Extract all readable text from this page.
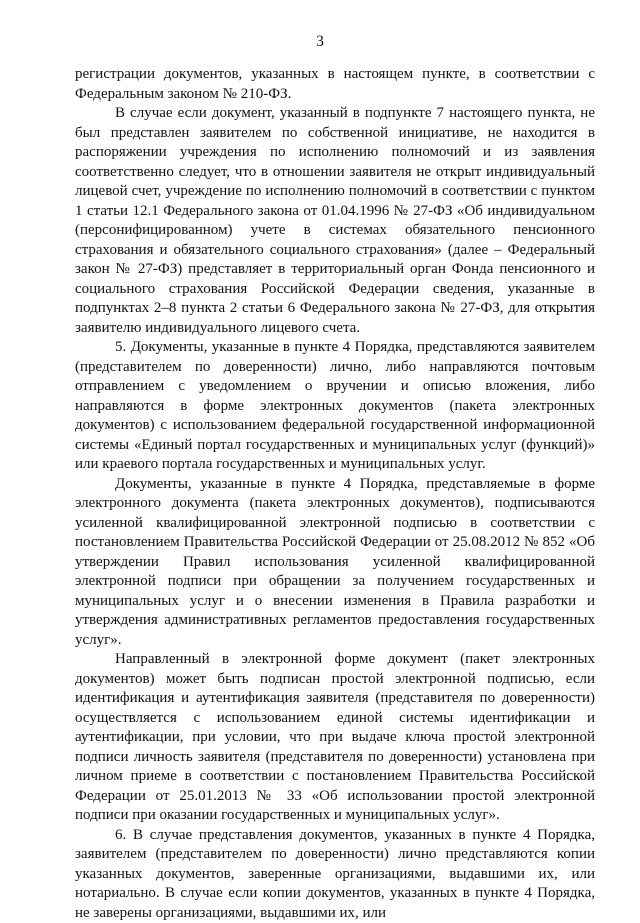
3

регистрации документов, указанных в настоящем пункте, в соответствии с Федеральным законом № 210-ФЗ.

В случае если документ, указанный в подпункте 7 настоящего пункта, не был представлен заявителем по собственной инициативе, не находится в распоряжении учреждения по исполнению полномочий и из заявления соответственно следует, что в отношении заявителя не открыт индивидуальный лицевой счет, учреждение по исполнению полномочий в соответствии с пунктом 1 статьи 12.1 Федерального закона от 01.04.1996 № 27-ФЗ «Об индивидуальном (персонифицированном) учете в системах обязательного пенсионного страхования и обязательного социального страхования» (далее – Федеральный закон № 27-ФЗ) представляет в территориальный орган Фонда пенсионного и социального страхования Российской Федерации сведения, указанные в подпунктах 2–8 пункта 2 статьи 6 Федерального закона № 27-ФЗ, для открытия заявителю индивидуального лицевого счета.

5. Документы, указанные в пункте 4 Порядка, представляются заявителем (представителем по доверенности) лично, либо направляются почтовым отправлением с уведомлением о вручении и описью вложения, либо направляются в форме электронных документов (пакета электронных документов) с использованием федеральной государственной информационной системы «Единый портал государственных и муниципальных услуг (функций)» или краевого портала государственных и муниципальных услуг.

Документы, указанные в пункте 4 Порядка, представляемые в форме электронного документа (пакета электронных документов), подписываются усиленной квалифицированной электронной подписью в соответствии с постановлением Правительства Российской Федерации от 25.08.2012 № 852 «Об утверждении Правил использования усиленной квалифицированной электронной подписи при обращении за получением государственных и муниципальных услуг и о внесении изменения в Правила разработки и утверждения административных регламентов предоставления государственных услуг».

Направленный в электронной форме документ (пакет электронных документов) может быть подписан простой электронной подписью, если идентификация и аутентификация заявителя (представителя по доверенности) осуществляется с использованием единой системы идентификации и аутентификации, при условии, что при выдаче ключа простой электронной подписи личность заявителя (представителя по доверенности) установлена при личном приеме в соответствии с постановлением Правительства Российской Федерации от 25.01.2013 № 33 «Об использовании простой электронной подписи при оказании государственных и муниципальных услуг».

6. В случае представления документов, указанных в пункте 4 Порядка, заявителем (представителем по доверенности) лично представляются копии указанных документов, заверенные организациями, выдавшими их, или нотариально. В случае если копии документов, указанных в пункте 4 Порядка, не заверены организациями, выдавшими их, или
